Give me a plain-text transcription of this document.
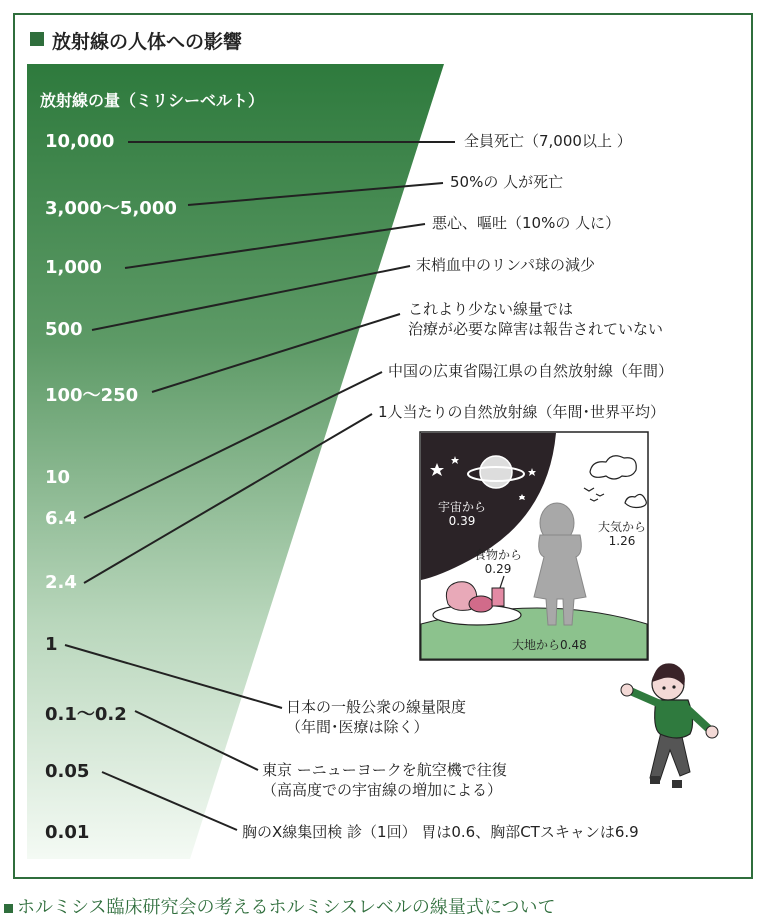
放射線の人体への影響
放射線の量（ミリシーベルト）
10,000
3,000～5,000
1,000
500
100～250
10
6.4
2.4
1
0.1～0.2
0.05
0.01
全員死亡（7,000以上 ）
50%の 人が死亡
悪心、嘔吐（10%の 人に）
末梢血中のリンパ球の減少
これより少ない線量では
治療が必要な障害は報告されていない
中国の広東省陽江県の自然放射線（年間）
1人当たりの自然放射線（年間･世界平均）
日本の一般公衆の線量限度
（年間･医療は除く）
東京 ーニューヨークを航空機で往復
（高高度での宇宙線の増加による）
胸のX線集団検 診（1回） 胃は0.6、胸部CTスキャンは6.9
宇宙から
0.39	大気から
1.26
食物から
0.29
大地から0.48
ホルミシス臨床研究会の考えるホルミシスレベルの線量式について
